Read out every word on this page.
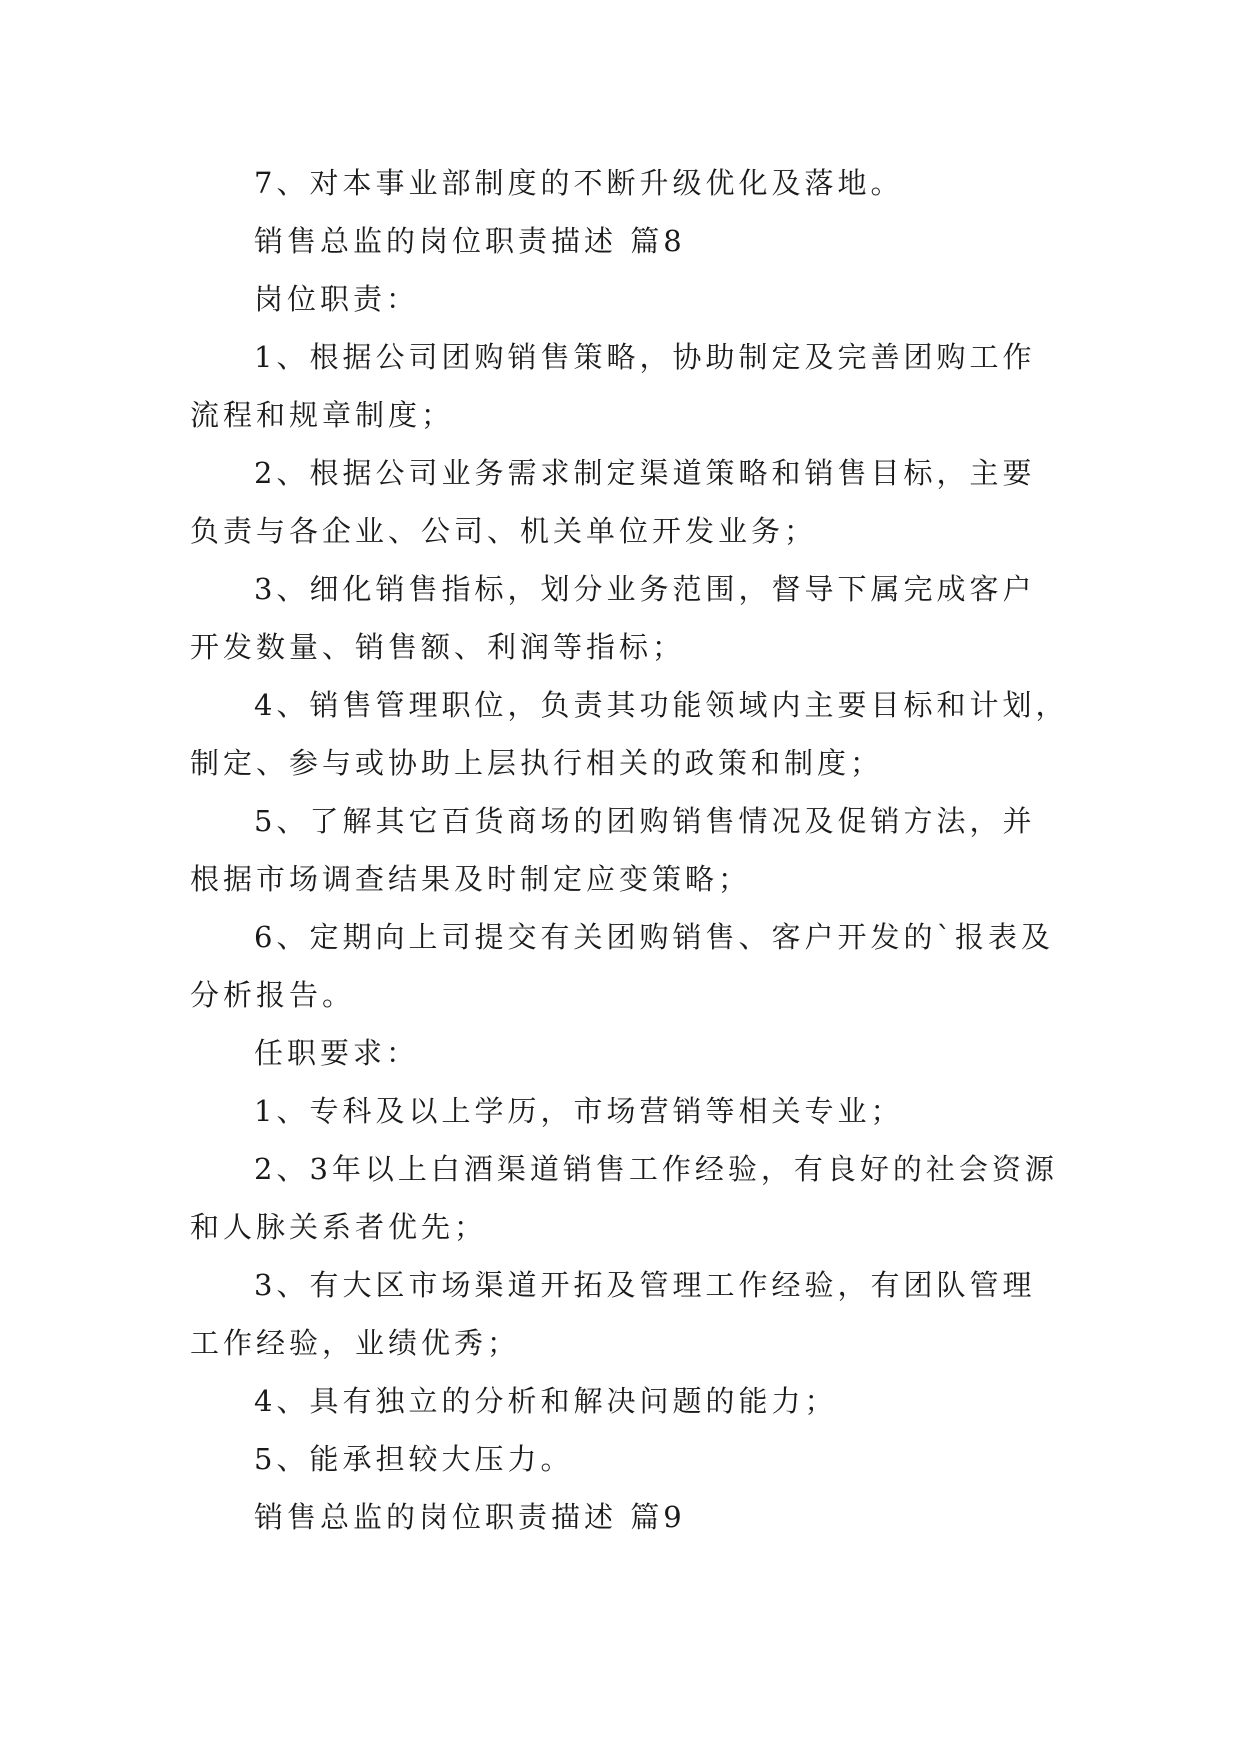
7、对本事业部制度的不断升级优化及落地。
销售总监的岗位职责描述 篇8
岗位职责：
1、根据公司团购销售策略，协助制定及完善团购工作
流程和规章制度；
2、根据公司业务需求制定渠道策略和销售目标，主要
负责与各企业、公司、机关单位开发业务；
3、细化销售指标，划分业务范围，督导下属完成客户
开发数量、销售额、利润等指标；
4、销售管理职位，负责其功能领域内主要目标和计划，
制定、参与或协助上层执行相关的政策和制度；
5、了解其它百货商场的团购销售情况及促销方法，并
根据市场调查结果及时制定应变策略；
6、定期向上司提交有关团购销售、客户开发的`报表及
分析报告。
任职要求：
1、专科及以上学历，市场营销等相关专业；
2、3年以上白酒渠道销售工作经验，有良好的社会资源
和人脉关系者优先；
3、有大区市场渠道开拓及管理工作经验，有团队管理
工作经验，业绩优秀；
4、具有独立的分析和解决问题的能力；
5、能承担较大压力。
销售总监的岗位职责描述 篇9
